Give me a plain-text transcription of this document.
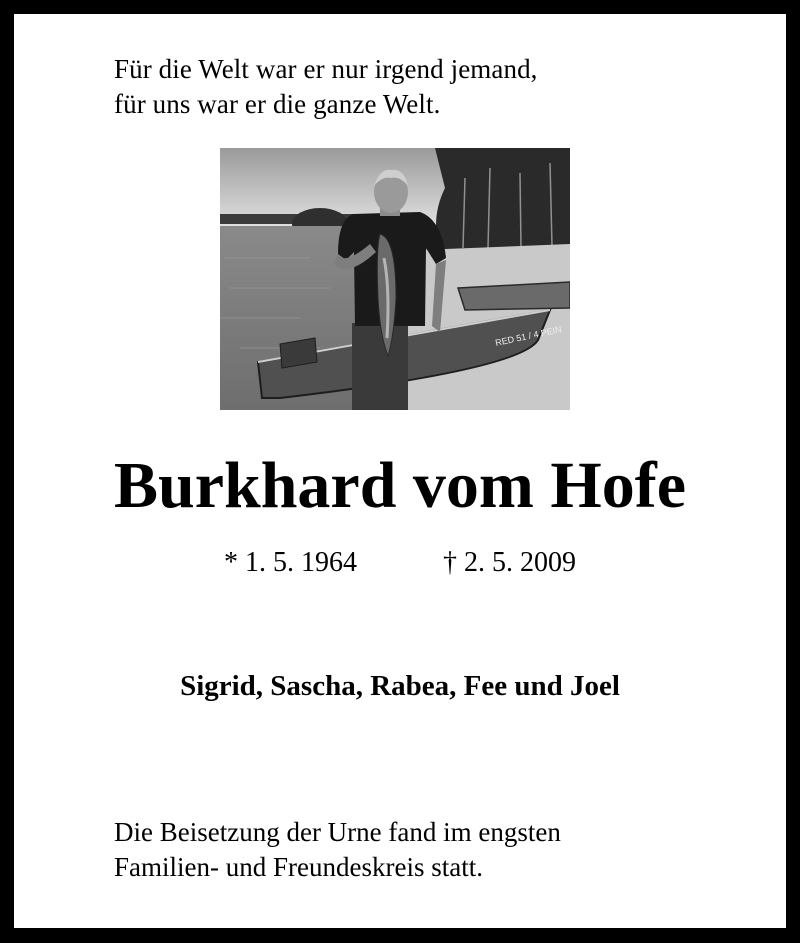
Für die Welt war er nur irgend jemand,
für uns war er die ganze Welt.
RED 51 / 4 PEIN
Burkhard vom Hofe
* 1. 5. 1964	† 2. 5. 2009
Sigrid, Sascha, Rabea, Fee und Joel
Die Beisetzung der Urne fand im engsten
Familien- und Freundeskreis statt.
